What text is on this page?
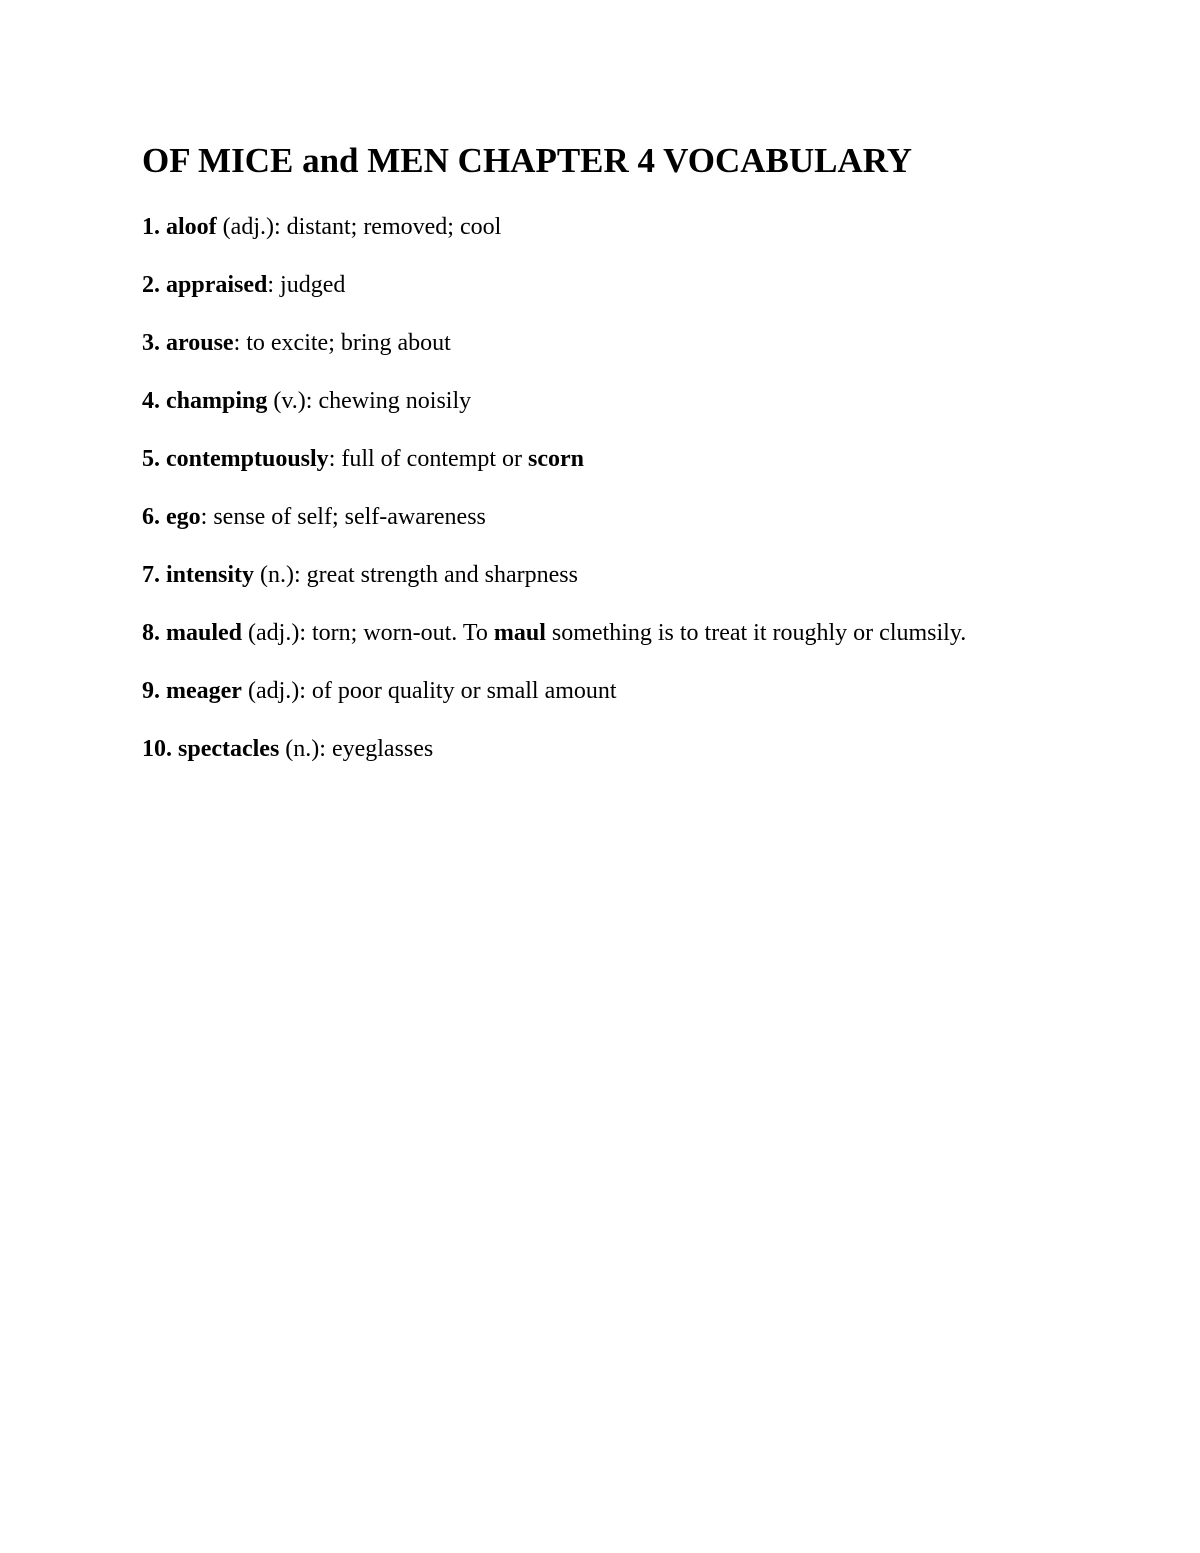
OF MICE and MEN CHAPTER 4 VOCABULARY
1. aloof (adj.): distant; removed; cool
2. appraised: judged
3. arouse: to excite; bring about
4. champing (v.): chewing noisily
5. contemptuously: full of contempt or scorn
6. ego: sense of self; self-awareness
7. intensity (n.): great strength and sharpness
8. mauled (adj.): torn; worn-out. To maul something is to treat it roughly or clumsily.
9. meager (adj.): of poor quality or small amount
10. spectacles (n.): eyeglasses
